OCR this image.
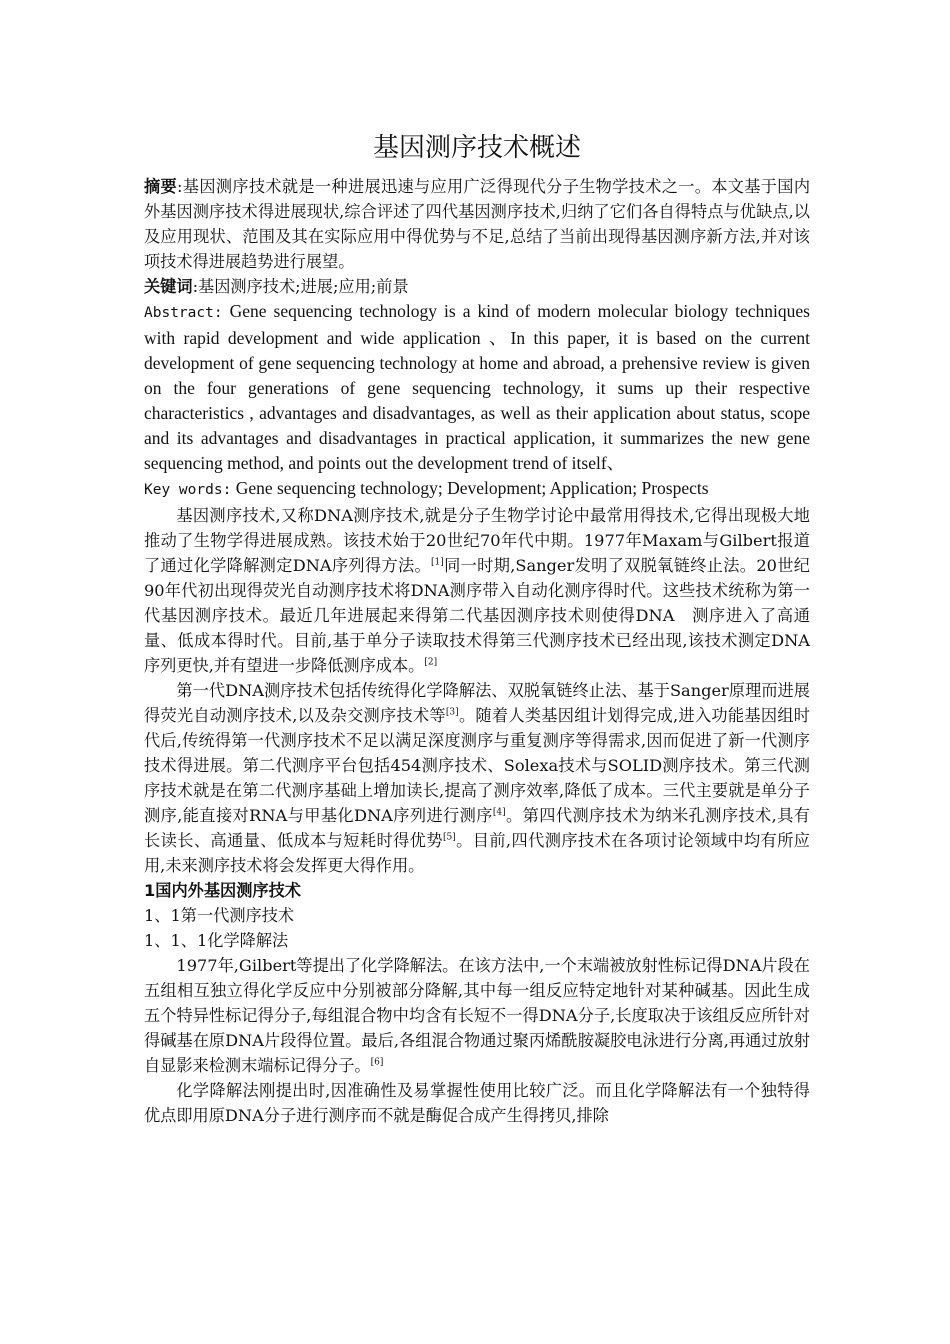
基因测序技术概述

摘要:基因测序技术就是一种进展迅速与应用广泛得现代分子生物学技术之一。本文基于国内外基因测序技术得进展现状,综合评述了四代基因测序技术,归纳了它们各自得特点与优缺点,以及应用现状、范围及其在实际应用中得优势与不足,总结了当前出现得基因测序新方法,并对该项技术得进展趋势进行展望。

关键词:基因测序技术;进展;应用;前景

Abstract: Gene sequencing technology is a kind of modern molecular biology techniques with rapid development and wide application 、In this paper, it is based on the current development of gene sequencing technology at home and abroad, a prehensive review is given on the four generations of gene sequencing technology, it sums up their respective characteristics , advantages and disadvantages, as well as their application about status, scope and its advantages and disadvantages in practical application, it summarizes the new gene sequencing method, and points out the development trend of itself、

Key words: Gene sequencing technology; Development; Application; Prospects

基因测序技术,又称DNA测序技术,就是分子生物学讨论中最常用得技术,它得出现极大地推动了生物学得进展成熟。该技术始于20世纪70年代中期。1977年Maxam与Gilbert报道了通过化学降解测定DNA序列得方法。[1]同一时期,Sanger发明了双脱氧链终止法。20世纪90年代初出现得荧光自动测序技术将DNA测序带入自动化测序得时代。这些技术统称为第一代基因测序技术。最近几年进展起来得第二代基因测序技术则使得DNA　测序进入了高通量、低成本得时代。目前,基于单分子读取技术得第三代测序技术已经出现,该技术测定DNA　序列更快,并有望进一步降低测序成本。[2]

第一代DNA测序技术包括传统得化学降解法、双脱氧链终止法、基于Sanger原理而进展得荧光自动测序技术,以及杂交测序技术等[3]。随着人类基因组计划得完成,进入功能基因组时代后,传统得第一代测序技术不足以满足深度测序与重复测序等得需求,因而促进了新一代测序技术得进展。第二代测序平台包括454测序技术、Solexa技术与SOLID测序技术。第三代测序技术就是在第二代测序基础上增加读长,提高了测序效率,降低了成本。三代主要就是单分子测序,能直接对RNA与甲基化DNA序列进行测序[4]。第四代测序技术为纳米孔测序技术,具有长读长、高通量、低成本与短耗时得优势[5]。目前,四代测序技术在各项讨论领域中均有所应用,未来测序技术将会发挥更大得作用。

1国内外基因测序技术

1、1第一代测序技术

1、1、1化学降解法

1977年,Gilbert等提出了化学降解法。在该方法中,一个末端被放射性标记得DNA片段在五组相互独立得化学反应中分别被部分降解,其中每一组反应特定地针对某种碱基。因此生成五个特异性标记得分子,每组混合物中均含有长短不一得DNA分子,长度取决于该组反应所针对得碱基在原DNA片段得位置。最后,各组混合物通过聚丙烯酰胺凝胶电泳进行分离,再通过放射自显影来检测末端标记得分子。[6]

化学降解法刚提出时,因准确性及易掌握性使用比较广泛。而且化学降解法有一个独特得优点即用原DNA分子进行测序而不就是酶促合成产生得拷贝,排除
